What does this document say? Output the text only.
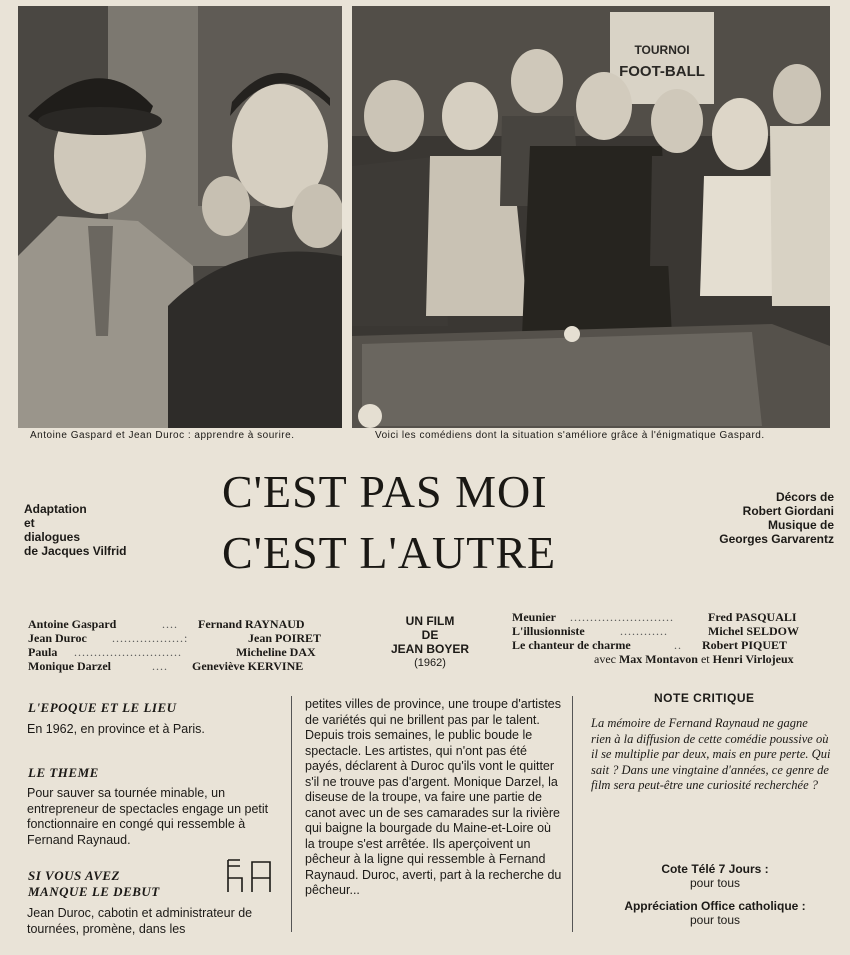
TOURNOI
FOOT-BALL
Antoine Gaspard et Jean Duroc : apprendre à sourire.	Voici les comédiens dont la situation s'améliore grâce à l'énigmatique Gaspard.
Adaptation
et
dialogues
de Jacques Vilfrid
C'EST PAS MOI
C'EST L'AUTRE
Décors de
Robert Giordani
Musique de
Georges Garvarentz
Antoine Gaspard	.... Fernand RAYNAUD
Jean Duroc ..................:	Jean POIRET
Paula ...........................	Micheline DAX
Monique Darzel	.... Geneviève KERVINE
UN FILM
DE
JEAN BOYER
(1962)
Meunier ..........................	Fred PASQUALI
L'illusionniste	............	Michel SELDOW
Le chanteur de charme	.. Robert PIQUET
avec Max Montavon et Henri Virlojeux
L'EPOQUE ET LE LIEU
En 1962, en province et à Paris.
LE THEME
Pour sauver sa tournée minable, un entrepreneur de spectacles engage un petit fonctionnaire en congé qui ressemble à Fernand Raynaud.
SI VOUS AVEZ
MANQUE LE DEBUT
Jean Duroc, cabotin et administrateur de tournées, promène, dans les
petites villes de province, une troupe d'artistes de variétés qui ne brillent pas par le talent. Depuis trois semaines, le public boude le spectacle. Les artistes, qui n'ont pas été payés, déclarent à Duroc qu'ils vont le quitter s'il ne trouve pas d'argent. Monique Darzel, la diseuse de la troupe, va faire une partie de canot avec un de ses camarades sur la rivière qui baigne la bourgade du Maine-et-Loire où la troupe s'est arrêtée. Ils aperçoivent un pêcheur à la ligne qui ressemble à Fernand Raynaud. Duroc, averti, part à la recherche du pêcheur...
NOTE CRITIQUE
La mémoire de Fernand Raynaud ne gagne rien à la diffusion de cette comédie poussive où il se multiplie par deux, mais en pure perte. Qui sait ? Dans une vingtaine d'années, ce genre de film sera peut-être une curiosité recherchée ?
Cote Télé 7 Jours :
pour tous
Appréciation Office catholique :
pour tous
